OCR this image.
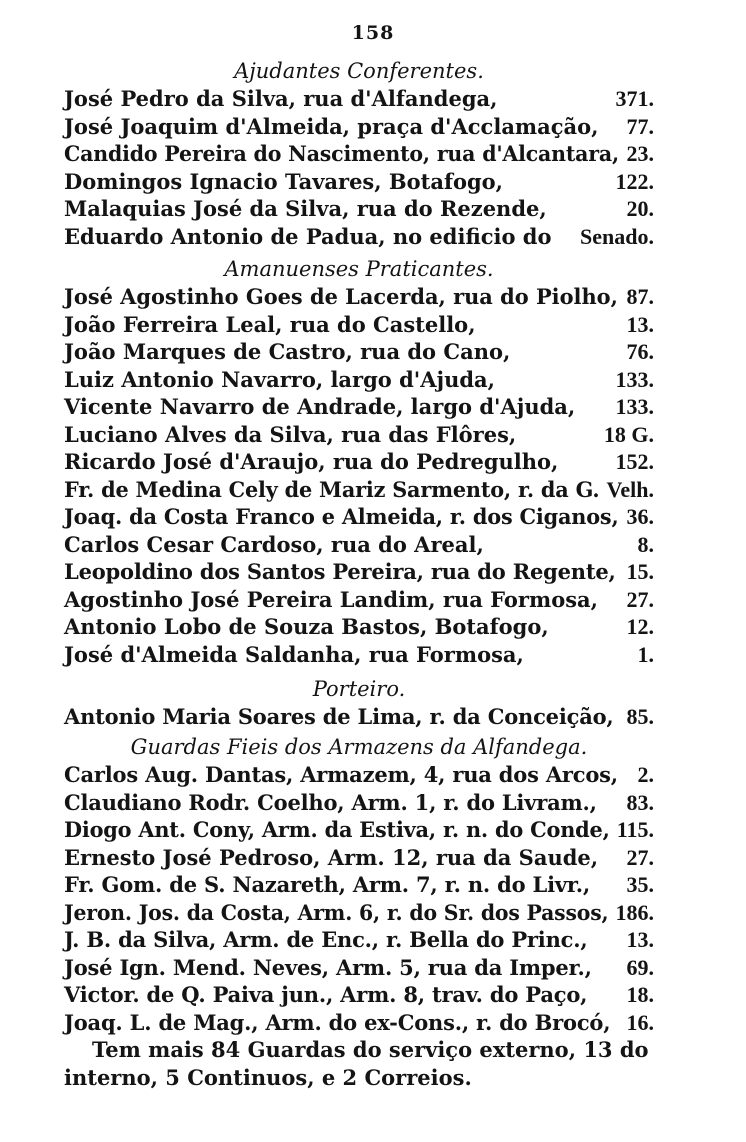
158
Ajudantes Conferentes.
José Pedro da Silva, rua d'Alfandega,	371.
José Joaquim d'Almeida, praça d'Acclamação, 77.
Candido Pereira do Nascimento, rua d'Alcantara, 23.
Domingos Ignacio Tavares, Botafogo,	122.
Malaquias José da Silva, rua do Rezende,	20.
Eduardo Antonio de Padua, no edificio do Senado.
Amanuenses Praticantes.
José Agostinho Goes de Lacerda, rua do Piolho, 87.
João Ferreira Leal, rua do Castello,	13.
João Marques de Castro, rua do Cano,	76.
Luiz Antonio Navarro, largo d'Ajuda,	133.
Vicente Navarro de Andrade, largo d'Ajuda, 133.
Luciano Alves da Silva, rua das Flôres,	18 G.
Ricardo José d'Araujo, rua do Pedregulho,	152.
Fr. de Medina Cely de Mariz Sarmento, r. da G. Velh.
Joaq. da Costa Franco e Almeida, r. dos Ciganos, 36.
Carlos Cesar Cardoso, rua do Areal,	8.
Leopoldino dos Santos Pereira, rua do Regente, 15.
Agostinho José Pereira Landim, rua Formosa, 27.
Antonio Lobo de Souza Bastos, Botafogo,	12.
José d'Almeida Saldanha, rua Formosa,	1.
Porteiro.
Antonio Maria Soares de Lima, r. da Conceição, 85.
Guardas Fieis dos Armazens da Alfandega.
Carlos Aug. Dantas, Armazem, 4, rua dos Arcos, 2.
Claudiano Rodr. Coelho, Arm. 1, r. do Livram., 83.
Diogo Ant. Cony, Arm. da Estiva, r. n. do Conde, 115.
Ernesto José Pedroso, Arm. 12, rua da Saude, 27.
Fr. Gom. de S. Nazareth, Arm. 7, r. n. do Livr., 35.
Jeron. Jos. da Costa, Arm. 6, r. do Sr. dos Passos, 186.
J. B. da Silva, Arm. de Enc., r. Bella do Princ., 13.
José Ign. Mend. Neves, Arm. 5, rua da Imper., 69.
Victor. de Q. Paiva jun., Arm. 8, trav. do Paço, 18.
Joaq. L. de Mag., Arm. do ex-Cons., r. do Brocó, 16.
Tem mais 84 Guardas do serviço externo, 13 do
interno, 5 Continuos, e 2 Correios.
